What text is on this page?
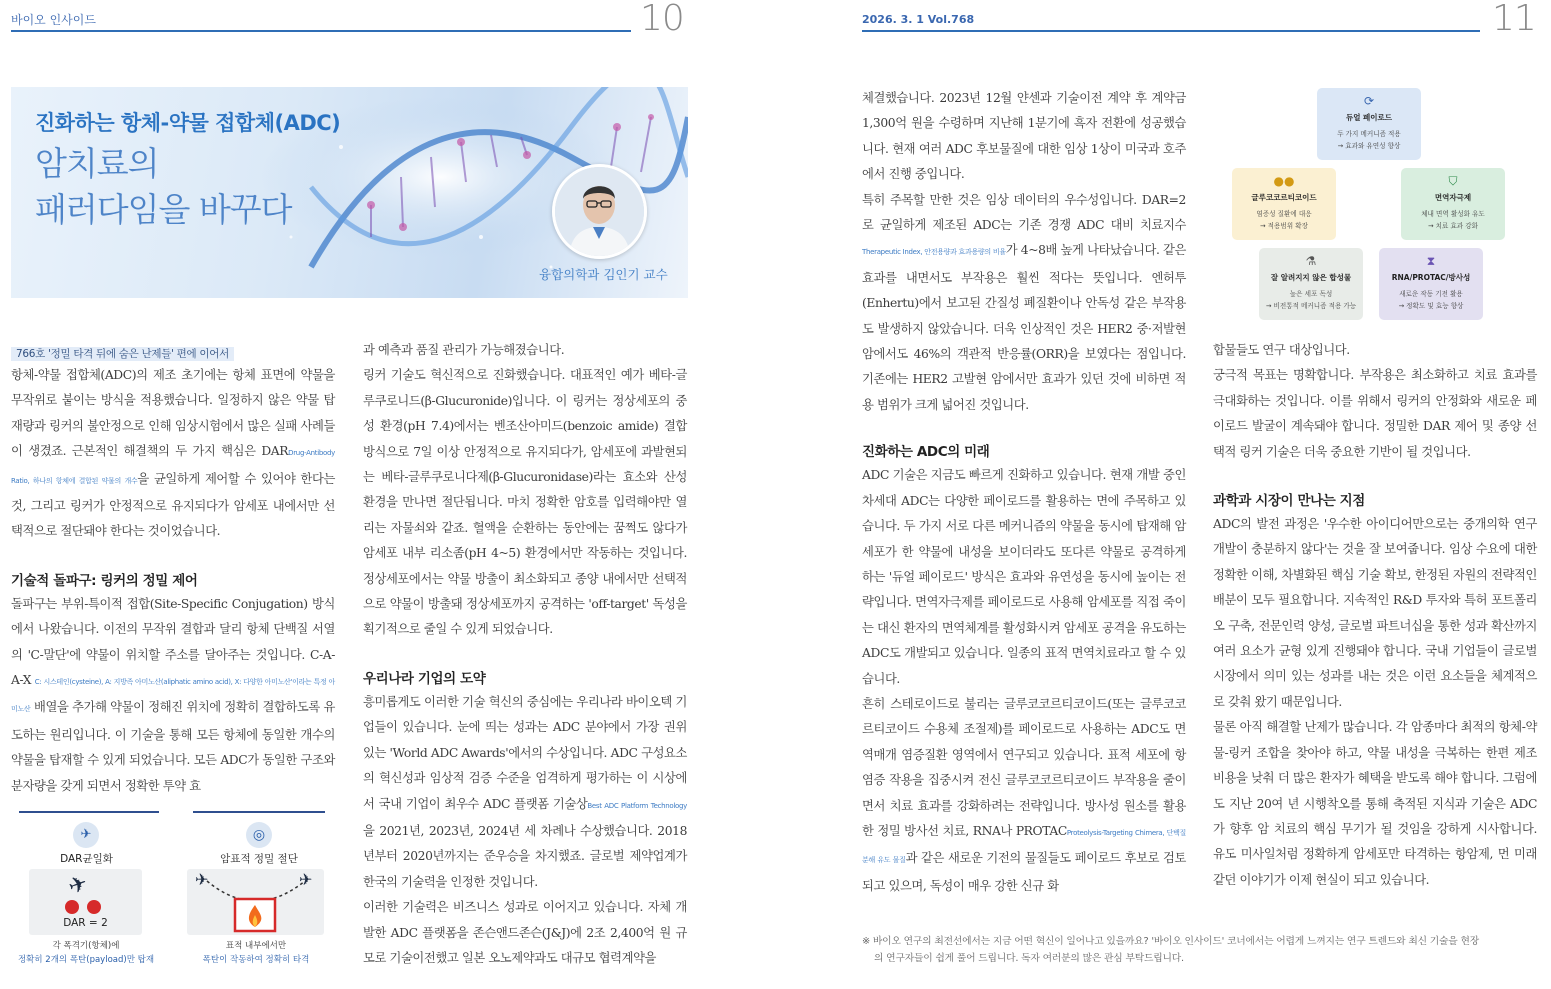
바이오 인사이드	10	2026. 3. 1 Vol.768	11
진화하는 항체-약물 접합체(ADC)
암치료의
패러다임을 바꾸다
융합의학과 김인기 교수
766호 '정밀 타격 뒤에 숨은 난제들' 편에 이어서

항체-약물 접합체(ADC)의 제조 초기에는 항체 표면에 약물을 무작위로 붙이는 방식을 적용했습니다. 일정하지 않은 약물 탑재량과 링커의 불안정으로 인해 임상시험에서 많은 실패 사례들이 생겼죠. 근본적인 해결책의 두 가지 핵심은 DARDrug-Antibody Ratio, 하나의 항체에 결합된 약물의 개수을 균일하게 제어할 수 있어야 한다는 것, 그리고 링커가 안정적으로 유지되다가 암세포 내에서만 선택적으로 절단돼야 한다는 것이었습니다.

기술적 돌파구: 링커의 정밀 제어

돌파구는 부위-특이적 접합(Site-Specific Conjugation) 방식에서 나왔습니다. 이전의 무작위 결합과 달리 항체 단백질 서열의 'C-말단'에 약물이 위치할 주소를 달아주는 것입니다. C-A-A-X C: 시스테인(cysteine), A: 지방족 아미노산(aliphatic amino acid), X: 다양한 아미노산'이라는 특정 아미노산 배열을 추가해 약물이 정해진 위치에 정확히 결합하도록 유도하는 원리입니다. 이 기술을 통해 모든 항체에 동일한 개수의 약물을 탑재할 수 있게 되었습니다. 모든 ADC가 동일한 구조와 분자량을 갖게 되면서 정확한 투약 효

✈
DAR균일화
✈
DAR = 2
각 폭격기(항체)에
정확히 2개의 폭탄(payload)만 탑재
◎
암표적 정밀 절단
✈	✈
표적 내부에서만
폭탄이 작동하여 정확히 타격

과 예측과 품질 관리가 가능해졌습니다.

링커 기술도 혁신적으로 진화했습니다. 대표적인 예가 베타-글루쿠로니드(β-Glucuronide)입니다. 이 링커는 정상세포의 중성 환경(pH 7.4)에서는 벤조산아미드(benzoic amide) 결합 방식으로 7일 이상 안정적으로 유지되다가, 암세포에 과발현되는 베타-글루쿠로니다제(β-Glucuronidase)라는 효소와 산성 환경을 만나면 절단됩니다. 마치 정확한 암호를 입력해야만 열리는 자물쇠와 같죠. 혈액을 순환하는 동안에는 꿈쩍도 않다가 암세포 내부 리소좀(pH 4~5) 환경에서만 작동하는 것입니다. 정상세포에서는 약물 방출이 최소화되고 종양 내에서만 선택적으로 약물이 방출돼 정상세포까지 공격하는 'off-target' 독성을 획기적으로 줄일 수 있게 되었습니다.

우리나라 기업의 도약

흥미롭게도 이러한 기술 혁신의 중심에는 우리나라 바이오텍 기업들이 있습니다. 눈에 띄는 성과는 ADC 분야에서 가장 권위 있는 'World ADC Awards'에서의 수상입니다. ADC 구성요소의 혁신성과 임상적 검증 수준을 엄격하게 평가하는 이 시상에서 국내 기업이 최우수 ADC 플랫폼 기술상Best ADC Platform Technology을 2021년, 2023년, 2024년 세 차례나 수상했습니다. 2018년부터 2020년까지는 준우승을 차지했죠. 글로벌 제약업계가 한국의 기술력을 인정한 것입니다.

이러한 기술력은 비즈니스 성과로 이어지고 있습니다. 자체 개발한 ADC 플랫폼을 존슨앤드존슨(J&J)에 2조 2,400억 원 규모로 기술이전했고 일본 오노제약과도 대규모 협력계약을

체결했습니다. 2023년 12월 얀센과 기술이전 계약 후 계약금 1,300억 원을 수령하며 지난해 1분기에 흑자 전환에 성공했습니다. 현재 여러 ADC 후보물질에 대한 임상 1상이 미국과 호주에서 진행 중입니다.

특히 주목할 만한 것은 임상 데이터의 우수성입니다. DAR=2로 균일하게 제조된 ADC는 기존 경쟁 ADC 대비 치료지수 Therapeutic Index, 안전용량과 효과용량의 비율가 4~8배 높게 나타났습니다. 같은 효과를 내면서도 부작용은 훨씬 적다는 뜻입니다. 엔허투(Enhertu)에서 보고된 간질성 폐질환이나 안독성 같은 부작용도 발생하지 않았습니다. 더욱 인상적인 것은 HER2 중·저발현 암에서도 46%의 객관적 반응률(ORR)을 보였다는 점입니다. 기존에는 HER2 고발현 암에서만 효과가 있던 것에 비하면 적용 범위가 크게 넓어진 것입니다.

진화하는 ADC의 미래

ADC 기술은 지금도 빠르게 진화하고 있습니다. 현재 개발 중인 차세대 ADC는 다양한 페이로드를 활용하는 면에 주목하고 있습니다. 두 가지 서로 다른 메커니즘의 약물을 동시에 탑재해 암세포가 한 약물에 내성을 보이더라도 또다른 약물로 공격하게 하는 '듀얼 페이로드' 방식은 효과와 유연성을 동시에 높이는 전략입니다. 면역자극제를 페이로드로 사용해 암세포를 직접 죽이는 대신 환자의 면역체계를 활성화시켜 암세포 공격을 유도하는 ADC도 개발되고 있습니다. 일종의 표적 면역치료라고 할 수 있습니다.

흔히 스테로이드로 불리는 글루코코르티코이드(또는 글루코코르티코이드 수용체 조절제)를 페이로드로 사용하는 ADC도 면역매개 염증질환 영역에서 연구되고 있습니다. 표적 세포에 항염증 작용을 집중시켜 전신 글루코코르티코이드 부작용을 줄이면서 치료 효과를 강화하려는 전략입니다. 방사성 원소를 활용한 정밀 방사선 치료, RNA나 PROTACProteolysis-Targeting Chimera, 단백질 분해 유도 물질과 같은 새로운 기전의 물질들도 페이로드 후보로 검토되고 있으며, 독성이 매우 강한 신규 화

⟳
듀얼 페이로드
두 가지 메커니즘 적용
→ 효과와 유연성 향상
●●
글루코코르티코이드
염증성 질환에 대응
→ 적용범위 확장
⛉
면역자극제
체내 면역 활성화 유도
→ 치료 효과 강화
⚗
잘 알려지지 않은 합성물
높은 세포 독성
→ 비전통적 메커니즘 적용 가능
⧗
RNA/PROTAC/방사성
새로운 작동 기전 활용
→ 정확도 및 효능 향상

합물들도 연구 대상입니다.

궁극적 목표는 명확합니다. 부작용은 최소화하고 치료 효과를 극대화하는 것입니다. 이를 위해서 링커의 안정화와 새로운 페이로드 발굴이 계속돼야 합니다. 정밀한 DAR 제어 및 종양 선택적 링커 기술은 더욱 중요한 기반이 될 것입니다.

과학과 시장이 만나는 지점

ADC의 발전 과정은 '우수한 아이디어만으로는 중개의학 연구개발이 충분하지 않다'는 것을 잘 보여줍니다. 임상 수요에 대한 정확한 이해, 차별화된 핵심 기술 확보, 한정된 자원의 전략적인 배분이 모두 필요합니다. 지속적인 R&D 투자와 특허 포트폴리오 구축, 전문인력 양성, 글로벌 파트너십을 통한 성과 확산까지 여러 요소가 균형 있게 진행돼야 합니다. 국내 기업들이 글로벌 시장에서 의미 있는 성과를 내는 것은 이런 요소들을 체계적으로 갖춰 왔기 때문입니다.

물론 아직 해결할 난제가 많습니다. 각 암종마다 최적의 항체-약물-링커 조합을 찾아야 하고, 약물 내성을 극복하는 한편 제조 비용을 낮춰 더 많은 환자가 혜택을 받도록 해야 합니다. 그럼에도 지난 20여 년 시행착오를 통해 축적된 지식과 기술은 ADC가 향후 암 치료의 핵심 무기가 될 것임을 강하게 시사합니다. 유도 미사일처럼 정확하게 암세포만 타격하는 항암제, 먼 미래 같던 이야기가 이제 현실이 되고 있습니다.

※ 바이오 연구의 최전선에서는 지금 어떤 혁신이 일어나고 있을까요? '바이오 인사이드' 코너에서는 어렵게 느껴지는 연구 트렌드와 최신 기술을 현장
의 연구자들이 쉽게 풀어 드립니다. 독자 여러분의 많은 관심 부탁드립니다.
